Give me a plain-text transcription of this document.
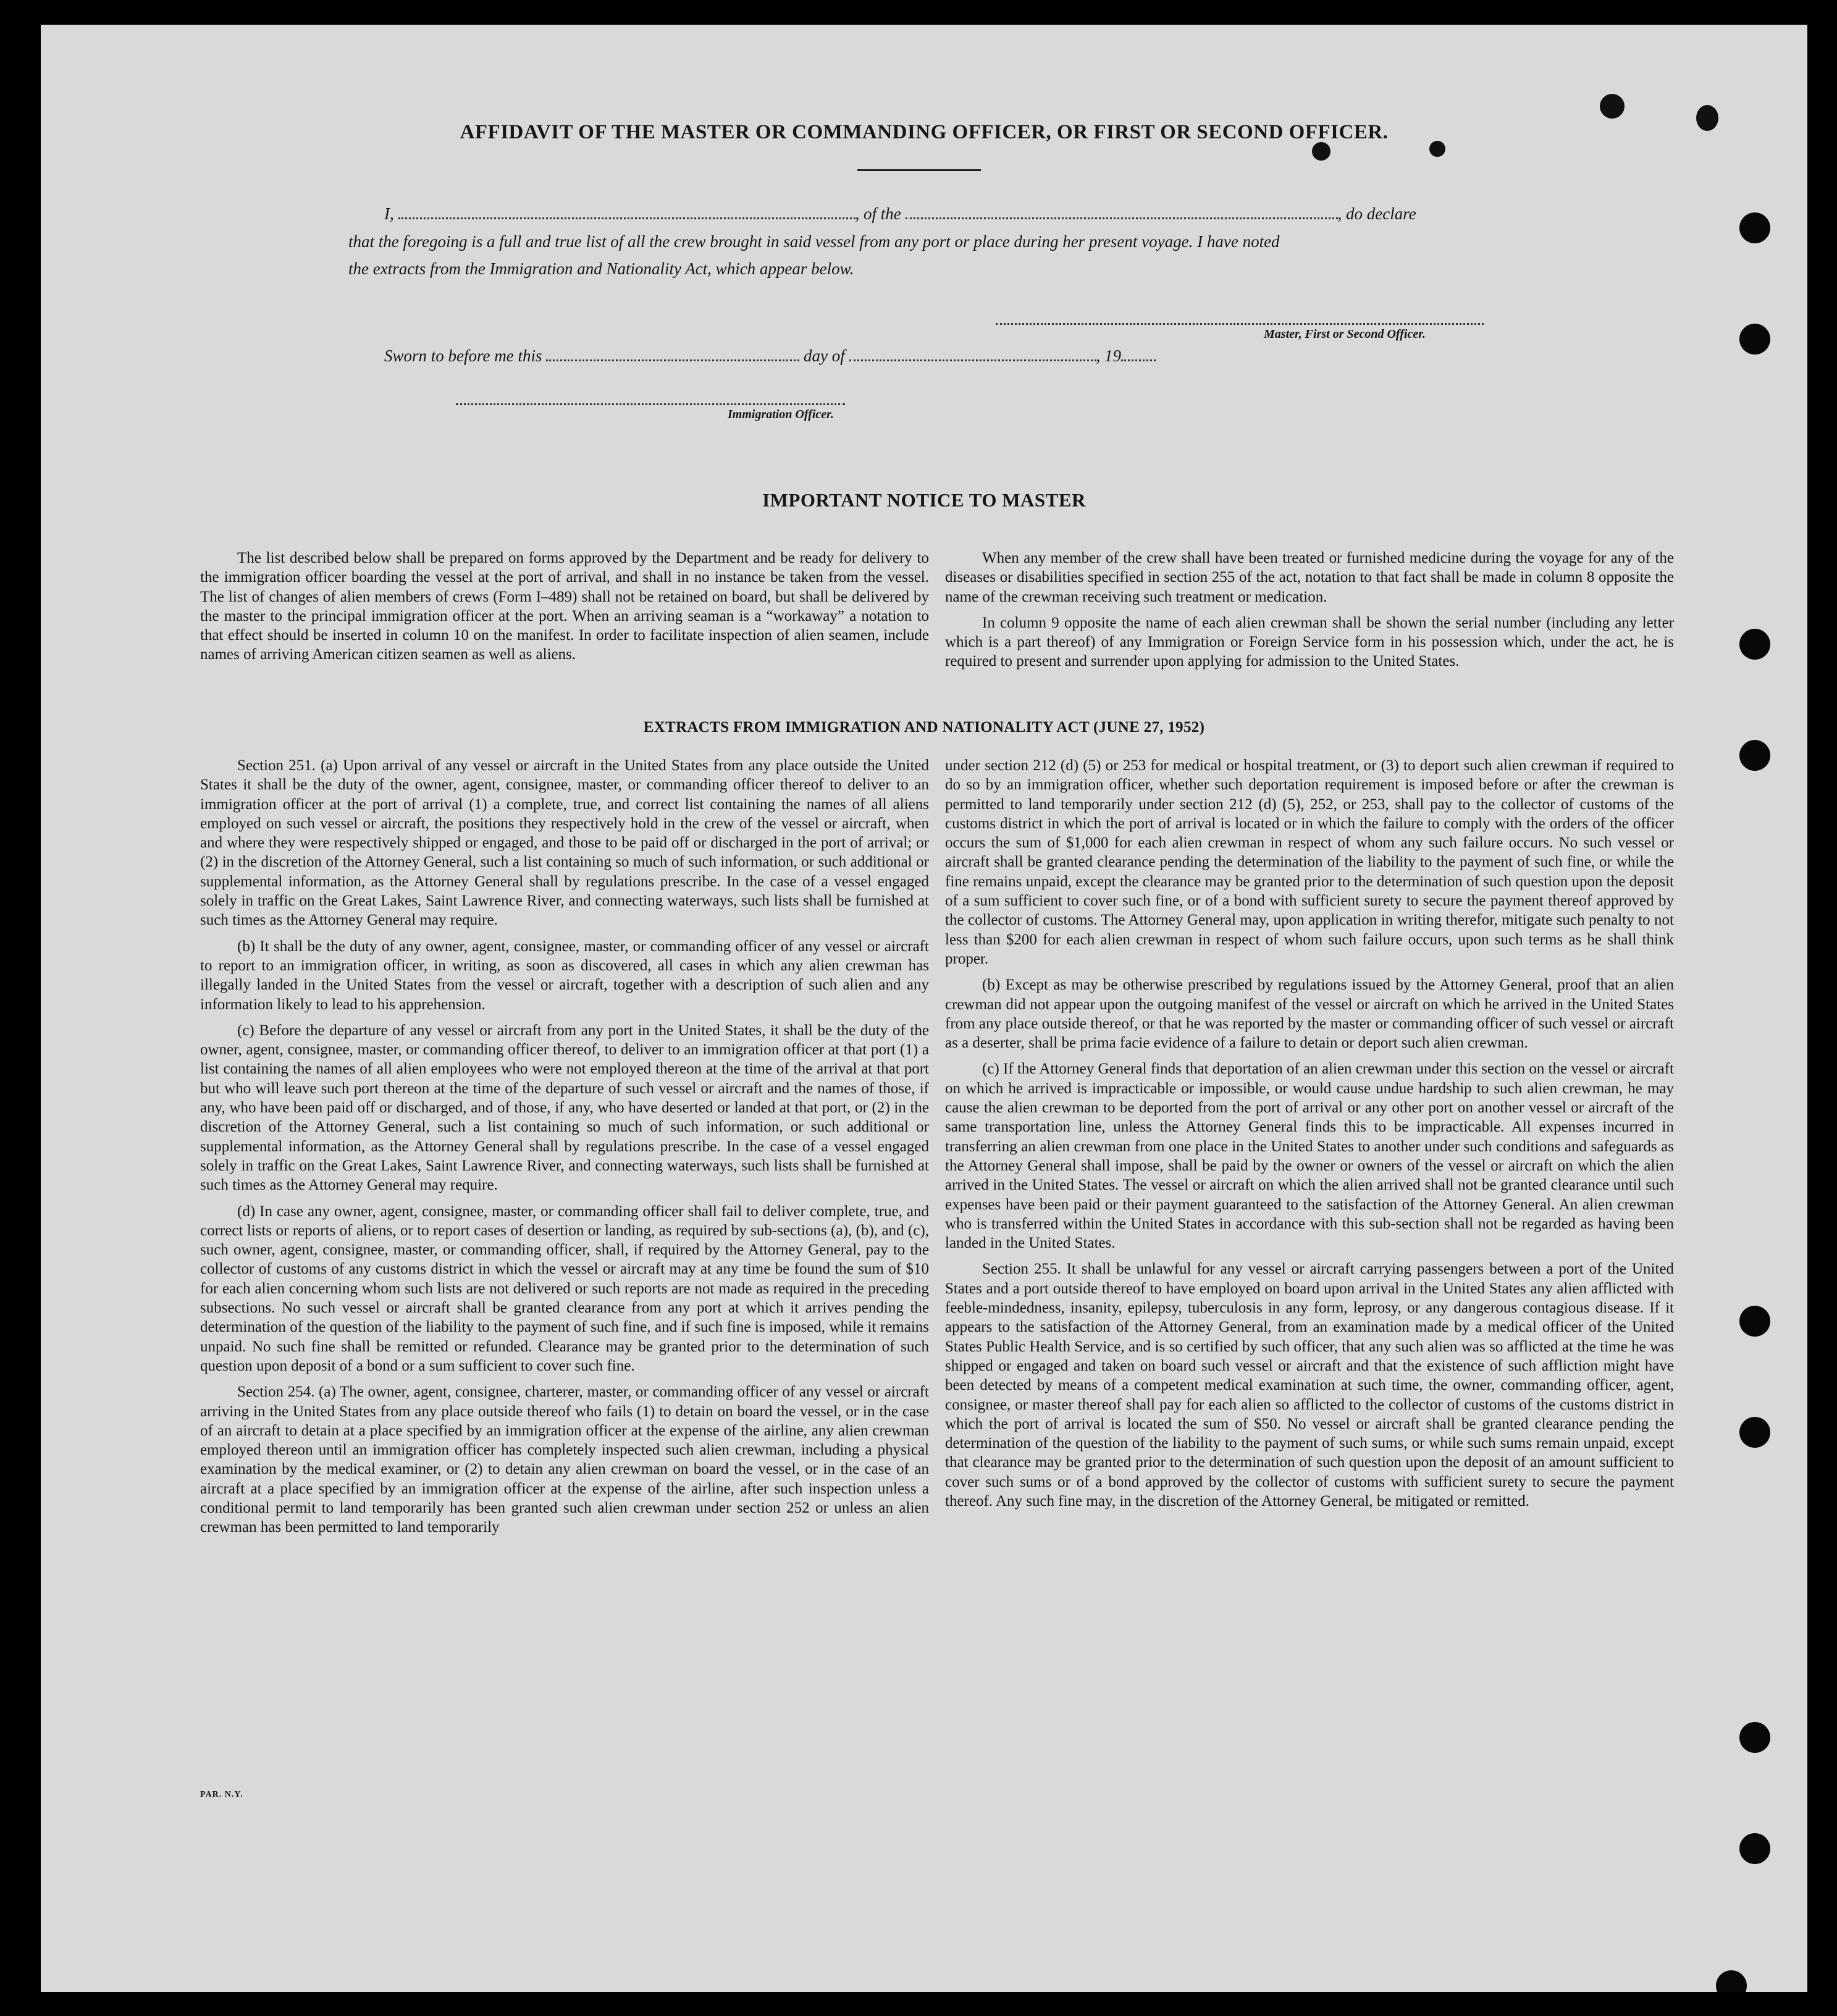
AFFIDAVIT OF THE MASTER OR COMMANDING OFFICER, OR FIRST OR SECOND OFFICER.
I,	, of the	, do declare
that the foregoing is a full and true list of all the crew brought in said vessel from any port or place during her present voyage. I have noted
the extracts from the Immigration and Nationality Act, which appear below.
Master, First or Second Officer.
Sworn to before me this	day of	, 19
Immigration Officer.
IMPORTANT NOTICE TO MASTER

The list described below shall be prepared on forms approved by the Department and be ready for delivery to the immigration officer boarding the vessel at the port of arrival, and shall in no instance be taken from the vessel. The list of changes of alien members of crews (Form I–489) shall not be retained on board, but shall be delivered by the master to the principal immigration officer at the port. When an arriving seaman is a “workaway” a notation to that effect should be inserted in column 10 on the manifest. In order to facilitate inspection of alien seamen, include names of arriving American citizen seamen as well as aliens.

When any member of the crew shall have been treated or furnished medicine during the voyage for any of the diseases or disabilities specified in section 255 of the act, notation to that fact shall be made in column 8 opposite the name of the crewman receiving such treatment or medication.

In column 9 opposite the name of each alien crewman shall be shown the serial number (including any letter which is a part thereof) of any Immigration or Foreign Service form in his possession which, under the act, he is required to present and surrender upon applying for admission to the United States.

EXTRACTS FROM IMMIGRATION AND NATIONALITY ACT (JUNE 27, 1952)

Section 251. (a) Upon arrival of any vessel or aircraft in the United States from any place outside the United States it shall be the duty of the owner, agent, consignee, master, or commanding officer thereof to deliver to an immigration officer at the port of arrival (1) a complete, true, and correct list containing the names of all aliens employed on such vessel or aircraft, the positions they respectively hold in the crew of the vessel or aircraft, when and where they were respectively shipped or engaged, and those to be paid off or discharged in the port of arrival; or (2) in the discretion of the Attorney General, such a list containing so much of such information, or such additional or supplemental information, as the Attorney General shall by regulations prescribe. In the case of a vessel engaged solely in traffic on the Great Lakes, Saint Lawrence River, and connecting waterways, such lists shall be furnished at such times as the Attorney General may require.

(b) It shall be the duty of any owner, agent, consignee, master, or commanding officer of any vessel or aircraft to report to an immigration officer, in writing, as soon as discovered, all cases in which any alien crewman has illegally landed in the United States from the vessel or aircraft, together with a description of such alien and any information likely to lead to his apprehension.

(c) Before the departure of any vessel or aircraft from any port in the United States, it shall be the duty of the owner, agent, consignee, master, or commanding officer thereof, to deliver to an immigration officer at that port (1) a list containing the names of all alien employees who were not employed thereon at the time of the arrival at that port but who will leave such port thereon at the time of the departure of such vessel or aircraft and the names of those, if any, who have been paid off or discharged, and of those, if any, who have deserted or landed at that port, or (2) in the discretion of the Attorney General, such a list containing so much of such information, or such additional or supplemental information, as the Attorney General shall by regulations prescribe. In the case of a vessel engaged solely in traffic on the Great Lakes, Saint Lawrence River, and connecting waterways, such lists shall be furnished at such times as the Attorney General may require.

(d) In case any owner, agent, consignee, master, or commanding officer shall fail to deliver complete, true, and correct lists or reports of aliens, or to report cases of desertion or landing, as required by sub-sections (a), (b), and (c), such owner, agent, consignee, master, or commanding officer, shall, if required by the Attorney General, pay to the collector of customs of any customs district in which the vessel or aircraft may at any time be found the sum of $10 for each alien concerning whom such lists are not delivered or such reports are not made as required in the preceding subsections. No such vessel or aircraft shall be granted clearance from any port at which it arrives pending the determination of the question of the liability to the payment of such fine, and if such fine is imposed, while it remains unpaid. No such fine shall be remitted or refunded. Clearance may be granted prior to the determination of such question upon deposit of a bond or a sum sufficient to cover such fine.

Section 254. (a) The owner, agent, consignee, charterer, master, or commanding officer of any vessel or aircraft arriving in the United States from any place outside thereof who fails (1) to detain on board the vessel, or in the case of an aircraft to detain at a place specified by an immigration officer at the expense of the airline, any alien crewman employed thereon until an immigration officer has completely inspected such alien crewman, including a physical examination by the medical examiner, or (2) to detain any alien crewman on board the vessel, or in the case of an aircraft at a place specified by an immigration officer at the expense of the airline, after such inspection unless a conditional permit to land temporarily has been granted such alien crewman under section 252 or unless an alien crewman has been permitted to land temporarily

under section 212 (d) (5) or 253 for medical or hospital treatment, or (3) to deport such alien crewman if required to do so by an immigration officer, whether such deportation requirement is imposed before or after the crewman is permitted to land temporarily under section 212 (d) (5), 252, or 253, shall pay to the collector of customs of the customs district in which the port of arrival is located or in which the failure to comply with the orders of the officer occurs the sum of $1,000 for each alien crewman in respect of whom any such failure occurs. No such vessel or aircraft shall be granted clearance pending the determination of the liability to the payment of such fine, or while the fine remains unpaid, except the clearance may be granted prior to the determination of such question upon the deposit of a sum sufficient to cover such fine, or of a bond with sufficient surety to secure the payment thereof approved by the collector of customs. The Attorney General may, upon application in writing therefor, mitigate such penalty to not less than $200 for each alien crewman in respect of whom such failure occurs, upon such terms as he shall think proper.

(b) Except as may be otherwise prescribed by regulations issued by the Attorney General, proof that an alien crewman did not appear upon the outgoing manifest of the vessel or aircraft on which he arrived in the United States from any place outside thereof, or that he was reported by the master or commanding officer of such vessel or aircraft as a deserter, shall be prima facie evidence of a failure to detain or deport such alien crewman.

(c) If the Attorney General finds that deportation of an alien crewman under this section on the vessel or aircraft on which he arrived is impracticable or impossible, or would cause undue hardship to such alien crewman, he may cause the alien crewman to be deported from the port of arrival or any other port on another vessel or aircraft of the same transportation line, unless the Attorney General finds this to be impracticable. All expenses incurred in transferring an alien crewman from one place in the United States to another under such conditions and safeguards as the Attorney General shall impose, shall be paid by the owner or owners of the vessel or aircraft on which the alien arrived in the United States. The vessel or aircraft on which the alien arrived shall not be granted clearance until such expenses have been paid or their payment guaranteed to the satisfaction of the Attorney General. An alien crewman who is transferred within the United States in accordance with this sub-section shall not be regarded as having been landed in the United States.

Section 255. It shall be unlawful for any vessel or aircraft carrying passengers between a port of the United States and a port outside thereof to have employed on board upon arrival in the United States any alien afflicted with feeble-mindedness, insanity, epilepsy, tuberculosis in any form, leprosy, or any dangerous contagious disease. If it appears to the satisfaction of the Attorney General, from an examination made by a medical officer of the United States Public Health Service, and is so certified by such officer, that any such alien was so afflicted at the time he was shipped or engaged and taken on board such vessel or aircraft and that the existence of such affliction might have been detected by means of a competent medical examination at such time, the owner, commanding officer, agent, consignee, or master thereof shall pay for each alien so afflicted to the collector of customs of the customs district in which the port of arrival is located the sum of $50. No vessel or aircraft shall be granted clearance pending the determination of the question of the liability to the payment of such sums, or while such sums remain unpaid, except that clearance may be granted prior to the determination of such question upon the deposit of an amount sufficient to cover such sums or of a bond approved by the collector of customs with sufficient surety to secure the payment thereof. Any such fine may, in the discretion of the Attorney General, be mitigated or remitted.

PAR. N.Y.
